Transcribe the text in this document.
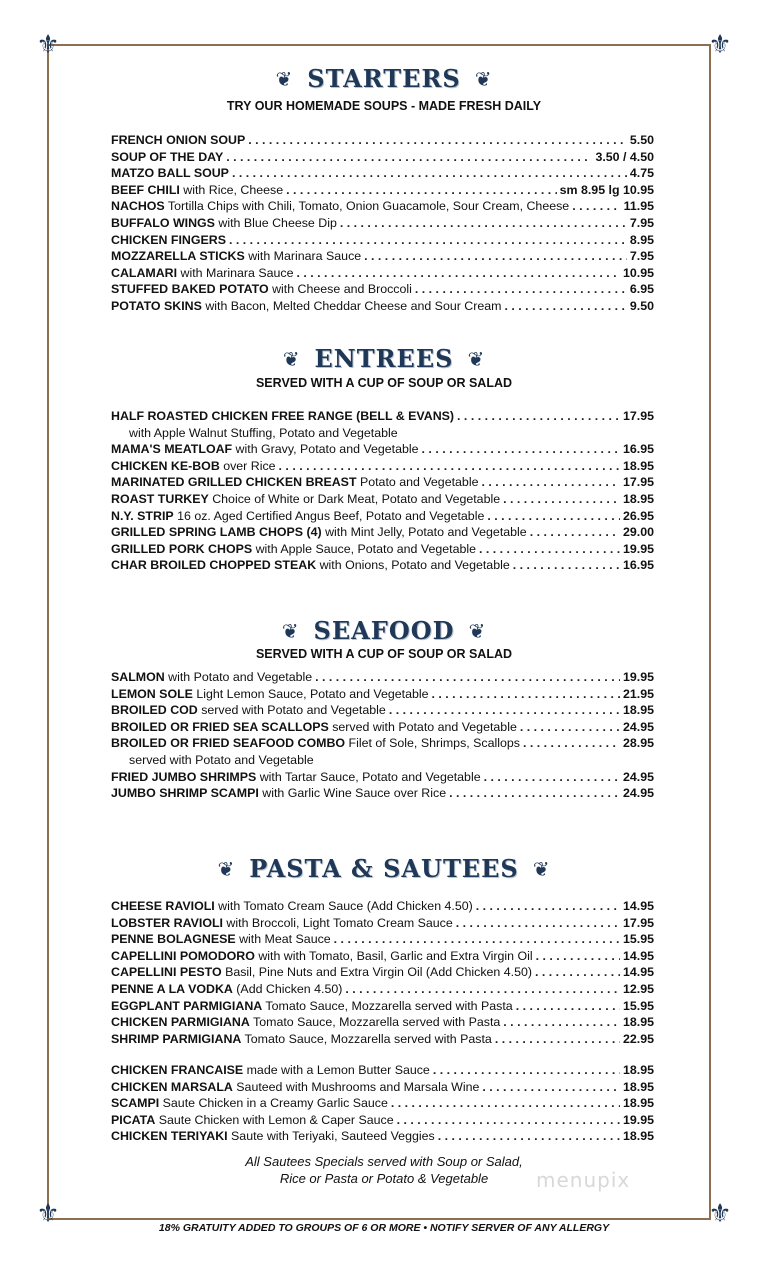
⚜	⚜
⚜	⚜
❦ STARTERS ❦
TRY OUR HOMEMADE SOUPS - MADE FRESH DAILY
FRENCH ONION SOUP . . .	5.50
SOUP OF THE DAY . . .	3.50 / 4.50
MATZO BALL SOUP . . .	4.75
BEEF CHILI with Rice, Cheese . . .	sm 8.95 lg 10.95
NACHOS Tortilla Chips with Chili, Tomato, Onion Guacamole, Sour Cream, Cheese . . .	11.95
BUFFALO WINGS with Blue Cheese Dip . . .	7.95
CHICKEN FINGERS . . .	8.95
MOZZARELLA STICKS with Marinara Sauce . . .	7.95
CALAMARI with Marinara Sauce . . .	10.95
STUFFED BAKED POTATO with Cheese and Broccoli . . .	6.95
POTATO SKINS with Bacon, Melted Cheddar Cheese and Sour Cream . . .	9.50
❦ ENTREES ❦
SERVED WITH A CUP OF SOUP OR SALAD
HALF ROASTED CHICKEN FREE RANGE (BELL & EVANS) . . .	17.95
with Apple Walnut Stuffing, Potato and Vegetable
MAMA'S MEATLOAF with Gravy, Potato and Vegetable . . .	16.95
CHICKEN KE-BOB over Rice . . .	18.95
MARINATED GRILLED CHICKEN BREAST Potato and Vegetable . . .	17.95
ROAST TURKEY Choice of White or Dark Meat, Potato and Vegetable . . .	18.95
N.Y. STRIP 16 oz. Aged Certified Angus Beef, Potato and Vegetable . . .	26.95
GRILLED SPRING LAMB CHOPS (4) with Mint Jelly, Potato and Vegetable . . .	29.00
GRILLED PORK CHOPS with Apple Sauce, Potato and Vegetable . . .	19.95
CHAR BROILED CHOPPED STEAK with Onions, Potato and Vegetable . . .	16.95
❦ SEAFOOD ❦
SERVED WITH A CUP OF SOUP OR SALAD
SALMON with Potato and Vegetable . . .	19.95
LEMON SOLE Light Lemon Sauce, Potato and Vegetable . . .	21.95
BROILED COD served with Potato and Vegetable . . .	18.95
BROILED OR FRIED SEA SCALLOPS served with Potato and Vegetable . . .	24.95
BROILED OR FRIED SEAFOOD COMBO Filet of Sole, Shrimps, Scallops . . .	28.95
served with Potato and Vegetable
FRIED JUMBO SHRIMPS with Tartar Sauce, Potato and Vegetable . . .	24.95
JUMBO SHRIMP SCAMPI with Garlic Wine Sauce over Rice . . .	24.95
❦ PASTA & SAUTEES ❦
CHEESE RAVIOLI with Tomato Cream Sauce (Add Chicken 4.50) . . .	14.95
LOBSTER RAVIOLI with Broccoli, Light Tomato Cream Sauce . . .	17.95
PENNE BOLAGNESE with Meat Sauce . . .	15.95
CAPELLINI POMODORO with with Tomato, Basil, Garlic and Extra Virgin Oil . . .	14.95
CAPELLINI PESTO Basil, Pine Nuts and Extra Virgin Oil (Add Chicken 4.50) . . .	14.95
PENNE A LA VODKA (Add Chicken 4.50) . . .	12.95
EGGPLANT PARMIGIANA Tomato Sauce, Mozzarella served with Pasta . . .	15.95
CHICKEN PARMIGIANA Tomato Sauce, Mozzarella served with Pasta . . .	18.95
SHRIMP PARMIGIANA Tomato Sauce, Mozzarella served with Pasta . . .	22.95
CHICKEN FRANCAISE made with a Lemon Butter Sauce . . .	18.95
CHICKEN MARSALA Sauteed with Mushrooms and Marsala Wine . . .	18.95
SCAMPI Saute Chicken in a Creamy Garlic Sauce . . .	18.95
PICATA Saute Chicken with Lemon & Caper Sauce . . .	19.95
CHICKEN TERIYAKI Saute with Teriyaki, Sauteed Veggies . . .	18.95
All Sautees Specials served with Soup or Salad,
Rice or Pasta or Potato & Vegetable	menupix
18% GRATUITY ADDED TO GROUPS OF 6 OR MORE • NOTIFY SERVER OF ANY ALLERGY
